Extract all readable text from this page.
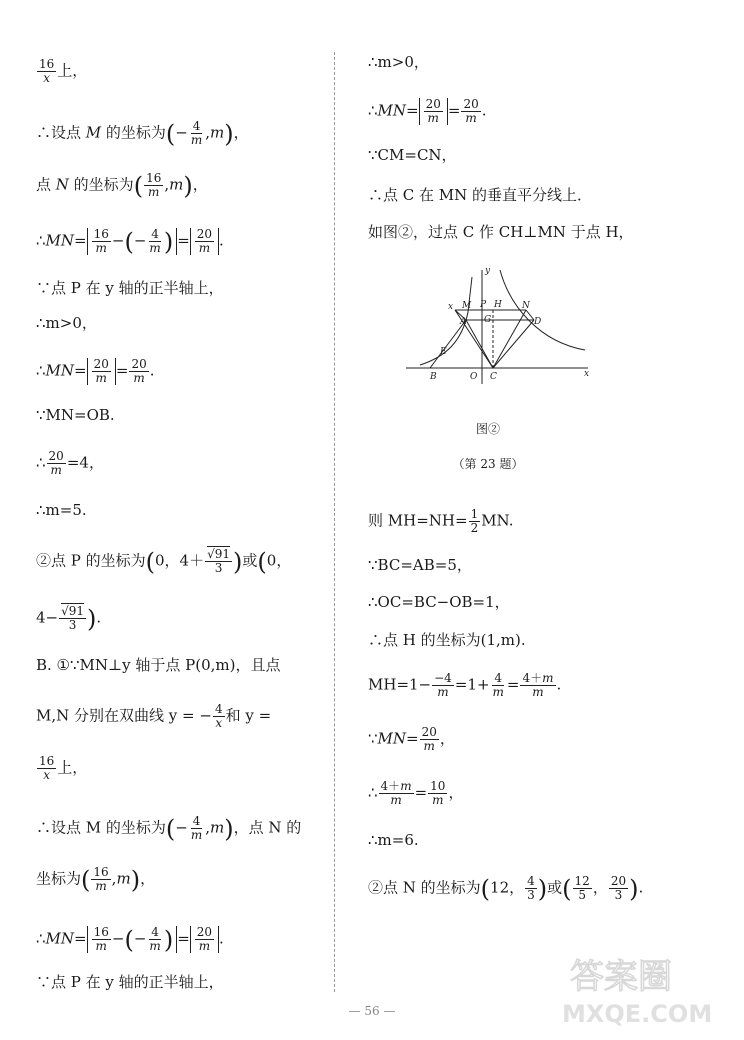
$\frac{16}{x}$ 上，
∴设点 M 的坐标为(− $\frac{4}{m} ,m$)，
点 N 的坐标为( $\frac{16}{m} ,m$)，
∴MN= $\frac{16}{m}$ −(− $\frac{4}{m}$ ) = $\frac{20}{m}$ .
∵点 P 在 y 轴的正半轴上，
∴m>0，
∴MN= $\frac{20}{m} = \frac{20}{m}$ .
∵MN=OB.
∴ $\frac{20}{m} =4$，
∴m=5.
②点 P 的坐标为(0，$4+ \frac{√91}{3}$ )或(0，
$4- \frac{√91}{3}$ ).
B. ①∵MN⊥y 轴于点 P(0,m)，且点
M,N 分别在双曲线 y = − $\frac{4}{x}$ 和 y =
$\frac{16}{x}$ 上，
∴设点 M 的坐标为(− $\frac{4}{m} ,m$)，点 N 的
坐标为( $\frac{16}{m} ,m$)，
∴MN= $\frac{16}{m}$ −(− $\frac{4}{m}$ ) = $\frac{20}{m}$ .
∵点 P 在 y 轴的正半轴上，
∴m>0，
∴MN= $\frac{20}{m} = \frac{20}{m}$ .
∵CM=CN，
∴点 C 在 MN 的垂直平分线上．
如图②，过点 C 作 CH⊥MN 于点 H，
图②
（第 23 题）
则 $MH=NH= \frac{1}{2}$ MN.
∵BC=AB=5，
∴OC=BC−OB=1，
∴点 H 的坐标为(1,m).
$MH=1- \frac{-4}{m} =1+ \frac{4}{m} = \frac{4+m}{m}$ .
∵MN= $\frac{20}{m}$ ，
∴ $\frac{4+m}{m} = \frac{10}{m}$ ，
∴m=6.
②点 N 的坐标为(12， $\frac{4}{3}$ )或( $\frac{12}{5}$ ， $\frac{20}{3}$ ).
y
x
x M P H N
A G	D
E
B	O C
— 56 —
答案圈
MXQE.COM
